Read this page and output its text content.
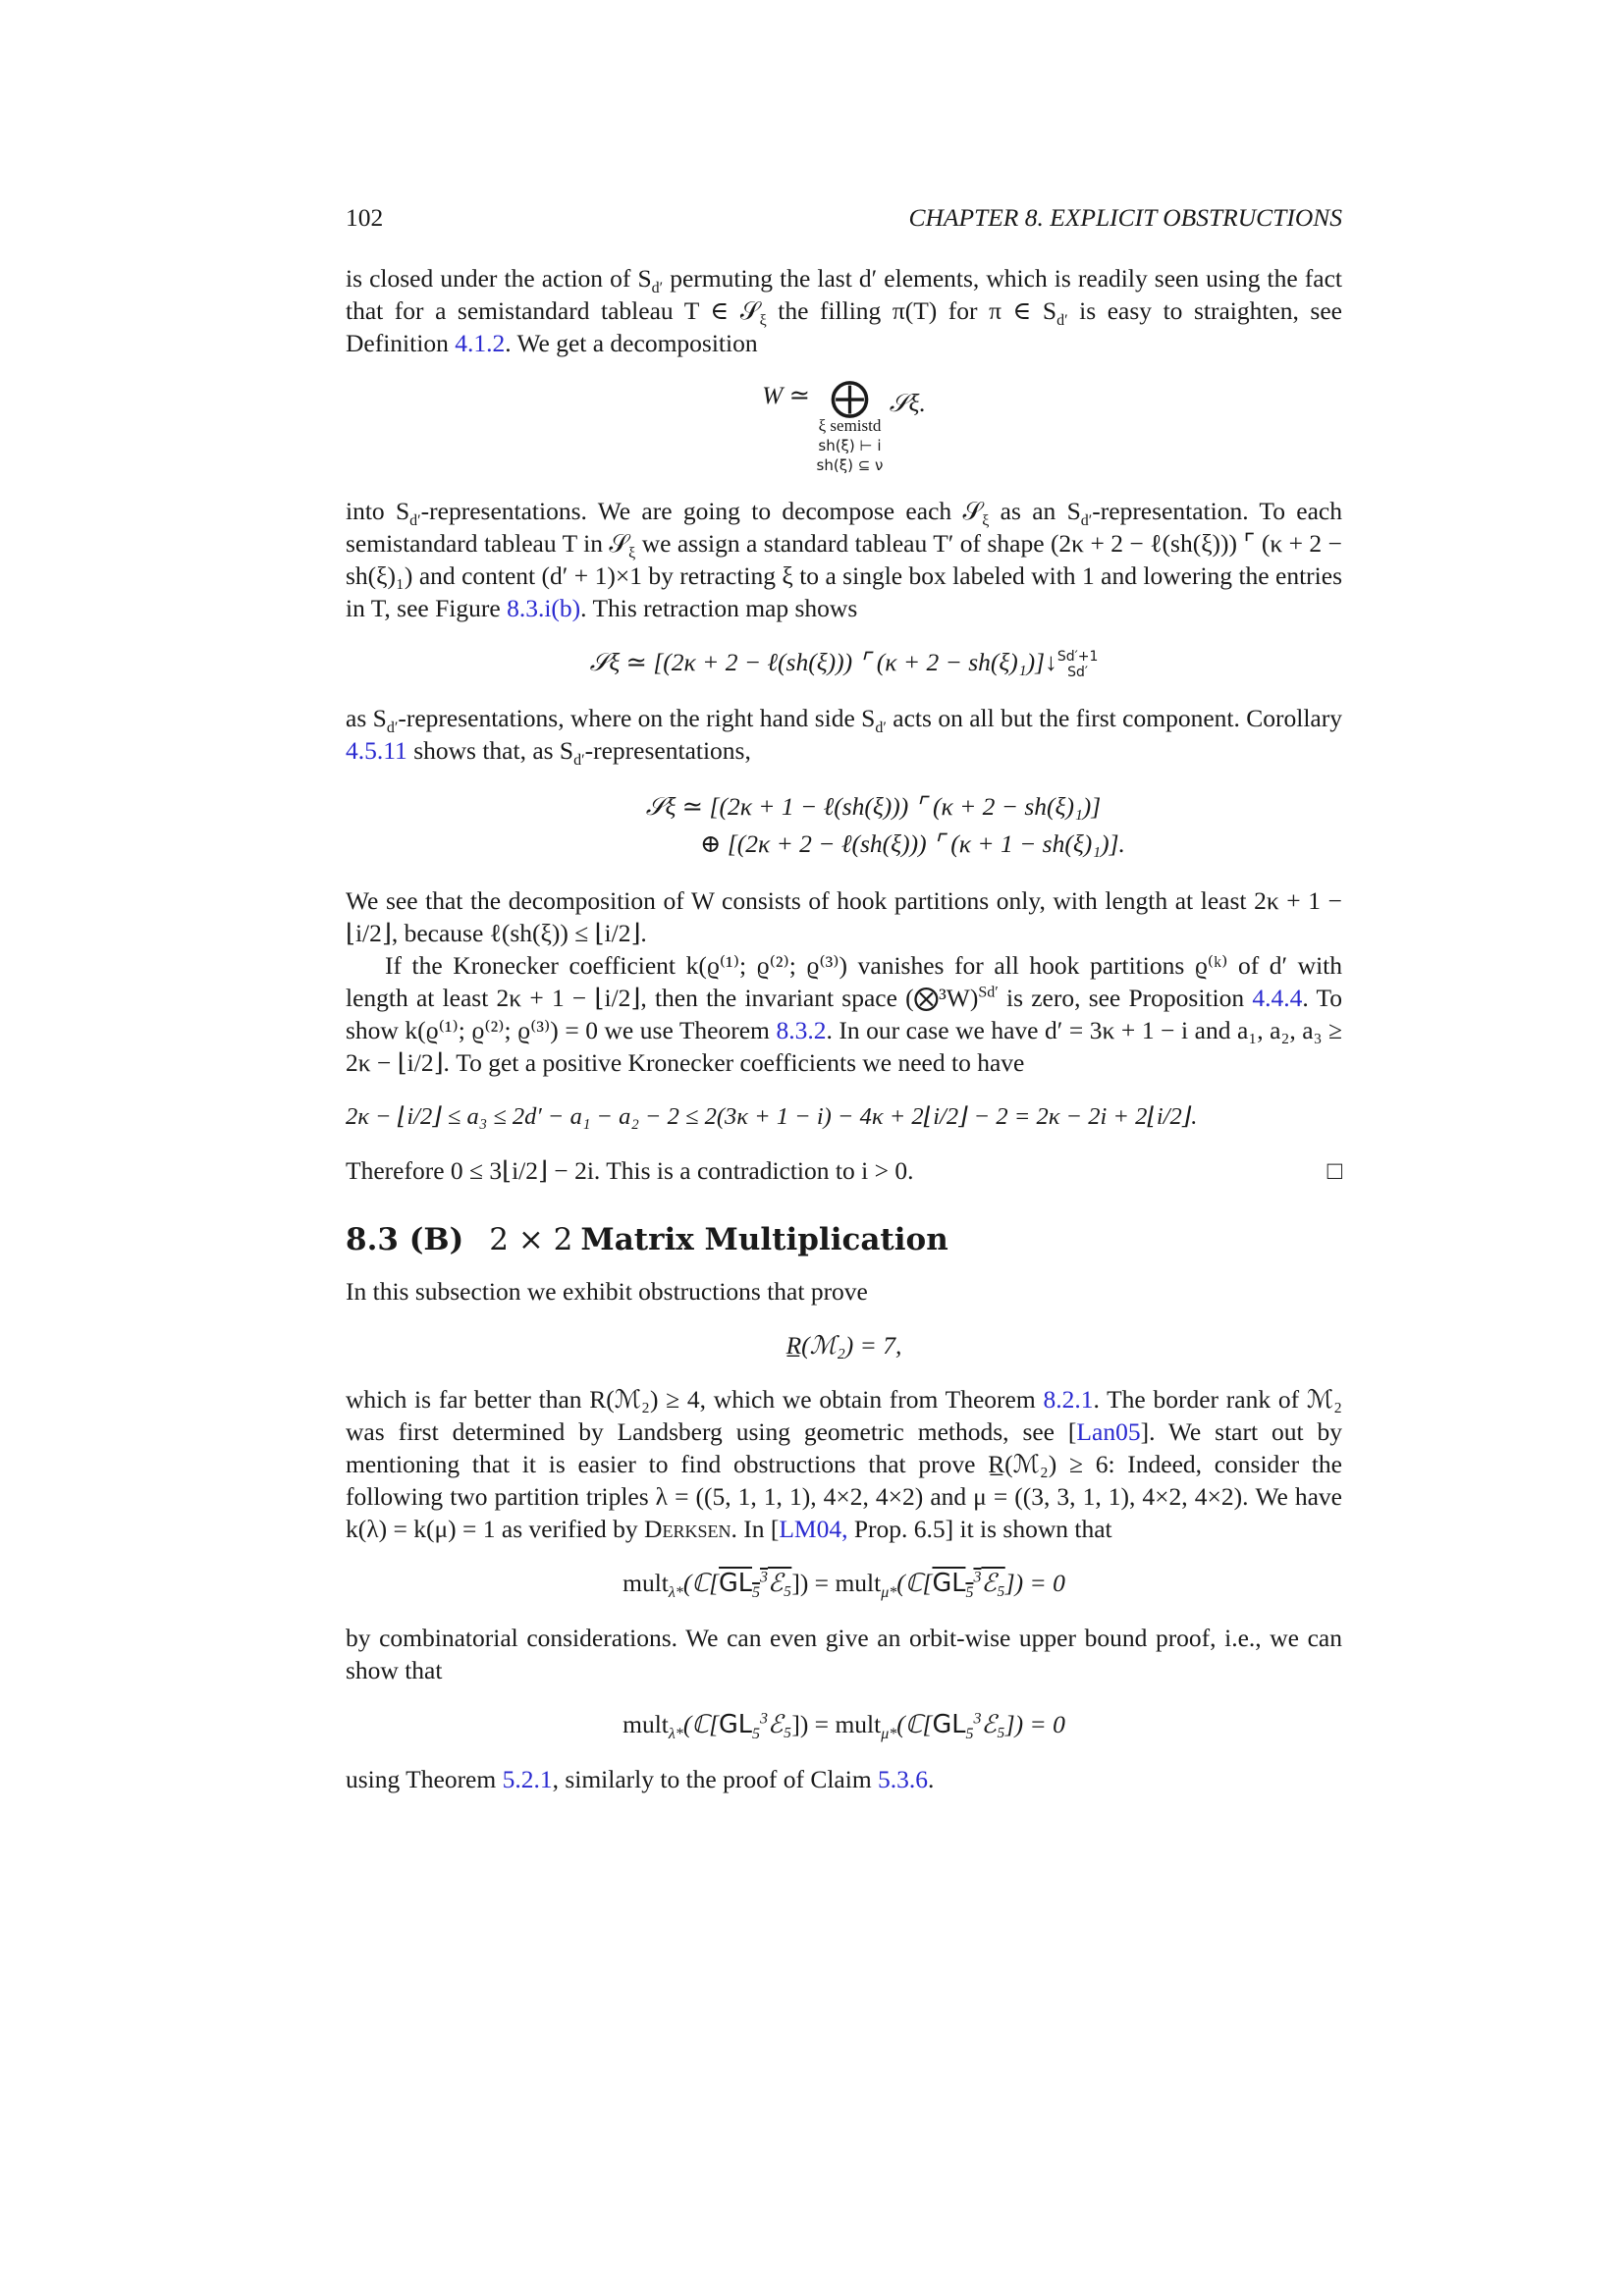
102	CHAPTER 8. EXPLICIT OBSTRUCTIONS

is closed under the action of $S_{d'}$ permuting the last d′ elements, which is readily seen using the fact that for a semistandard tableau T ∈ 𝒮$_\xi$ the filling π(T) for π ∈ $S_{d'}$ is easy to straighten, see Definition 4.1.2. We get a decomposition

W ≃ ⨁
ξ semistd
sh(ξ) ⊢ i
sh(ξ) ⊆ ν
𝒮ξ.

into $S_{d'}$-representations. We are going to decompose each 𝒮$_\xi$ as an $S_{d'}$-representation. To each semistandard tableau T in 𝒮$_\xi$ we assign a standard tableau T′ of shape (2κ + 2 − ℓ(sh(ξ))) ⌜ (κ + 2 − sh(ξ)₁) and content (d′ + 1)×1 by retracting ξ to a single box labeled with 1 and lowering the entries in T, see Figure 8.3.i(b). This retraction map shows

𝒮ξ ≃ [(2κ + 2 − ℓ(sh(ξ))) ⌜ (κ + 2 − sh(ξ)₁)]↓ Sd′+1
Sd′

as $S_{d'}$-representations, where on the right hand side $S_{d'}$ acts on all but the first component. Corollary 4.5.11 shows that, as $S_{d'}$-representations,

𝒮ξ ≃ [(2κ + 1 − ℓ(sh(ξ))) ⌜ (κ + 2 − sh(ξ)₁)]
⊕ [(2κ + 2 − ℓ(sh(ξ))) ⌜ (κ + 1 − sh(ξ)₁)].

We see that the decomposition of W consists of hook partitions only, with length at least 2κ + 1 − ⌊i/2⌋, because ℓ(sh(ξ)) ≤ ⌊i/2⌋.

If the Kronecker coefficient k(ϱ⁽¹⁾; ϱ⁽²⁾; ϱ⁽³⁾) vanishes for all hook partitions ϱ⁽ᵏ⁾ of d′ with length at least 2κ + 1 − ⌊i/2⌋, then the invariant space (⨂³W)$^{Sd'}$ is zero, see Proposition 4.4.4. To show k(ϱ⁽¹⁾; ϱ⁽²⁾; ϱ⁽³⁾) = 0 we use Theorem 8.3.2. In our case we have d′ = 3κ + 1 − i and a₁, a₂, a₃ ≥ 2κ − ⌊i/2⌋. To get a positive Kronecker coefficients we need to have

2κ − ⌊i/2⌋ ≤ a₃ ≤ 2d′ − a₁ − a₂ − 2 ≤ 2(3κ + 1 − i) − 4κ + 2⌊i/2⌋ − 2 = 2κ − 2i + 2⌊i/2⌋.

Therefore 0 ≤ 3⌊i/2⌋ − 2i. This is a contradiction to i > 0.	□

8.3 (B) 2 × 2 Matrix Multiplication

In this subsection we exhibit obstructions that prove

R̲(ℳ₂) = 7,

which is far better than R(ℳ₂) ≥ 4, which we obtain from Theorem 8.2.1. The border rank of ℳ₂ was first determined by Landsberg using geometric methods, see [Lan05]. We start out by mentioning that it is easier to find obstructions that prove R̲(ℳ₂) ≥ 6: Indeed, consider the following two partition triples λ = ((5, 1, 1, 1), 4×2, 4×2) and μ = ((3, 3, 1, 1), 4×2, 4×2). We have k(λ) = k(μ) = 1 as verified by Derksen. In [LM04, Prop. 6.5] it is shown that

$mult_{\lambda*}(ℂ[GL_5^3ℰ_5])$ = $mult_{\mu*}(ℂ[GL_5^3ℰ_5]) = 0$

by combinatorial considerations. We can even give an orbit-wise upper bound proof, i.e., we can show that

$mult_{\lambda*}(ℂ[GL_5^3ℰ_5])$ = $mult_{\mu*}(ℂ[GL_5^3ℰ_5]) = 0$

using Theorem 5.2.1, similarly to the proof of Claim 5.3.6.
